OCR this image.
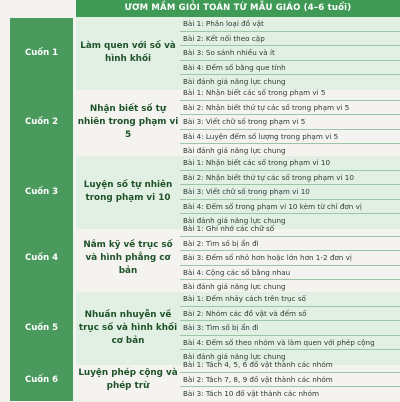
ƯƠM MẦM GIỎI TOÁN TỪ MẪU GIÁO (4–6 tuổi)
Cuốn 1
Làm quen với số và hình khối
Bài 1: Phân loại đồ vật
Bài 2: Kết nối theo cặp
Bài 3: So sánh nhiều và ít
Bài 4: Đếm số bằng que tính
Bài đánh giá năng lực chung
Cuốn 2
Nhận biết số tự nhiên trong phạm vi 5
Bài 1: Nhận biết các số trong phạm vi 5
Bài 2: Nhận biết thứ tự các số trong phạm vi 5
Bài 3: Viết chữ số trong phạm vi 5
Bài 4: Luyện đếm số lượng trong phạm vi 5
Bài đánh giá năng lực chung
Cuốn 3
Luyện số tự nhiên trong phạm vi 10
Bài 1: Nhận biết các số trong phạm vi 10
Bài 2: Nhận biết thứ tự các số trong phạm vi 10
Bài 3: Viết chữ số trong phạm vi 10
Bài 4: Đếm số trong phạm vi 10 kèm từ chỉ đơn vị
Bài đánh giá năng lực chung
Cuốn 4
Nắm kỹ về trục số và hình phẳng cơ bản
Bài 1: Ghi nhớ các chữ số
Bài 2: Tìm số bị ẩn đi
Bài 3: Đếm số nhỏ hơn hoặc lớn hơn 1-2 đơn vị
Bài 4: Cộng các số bằng nhau
Bài đánh giá năng lực chung
Cuốn 5
Nhuần nhuyễn về trục số và hình khối cơ bản
Bài 1: Đếm nhảy cách trên trục số
Bài 2: Nhóm các đồ vật và đếm số
Bài 3: Tìm số bị ẩn đi
Bài 4: Đếm số theo nhóm và làm quen với phép cộng
Bài đánh giá năng lực chung
Cuốn 6
Luyện phép cộng và phép trừ
Bài 1: Tách 4, 5, 6 đồ vật thành các nhóm
Bài 2: Tách 7, 8, 9 đồ vật thành các nhóm
Bài 3: Tách 10 đồ vật thành các nhóm
